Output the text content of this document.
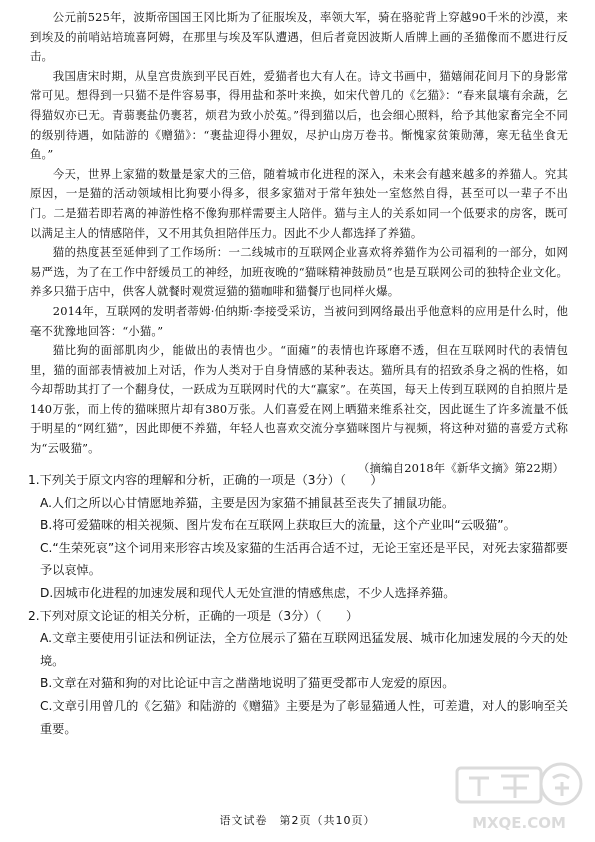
公元前525年，波斯帝国国王冈比斯为了征服埃及，率领大军，骑在骆驼背上穿越90千米的沙漠，来到埃及的前哨站培琉喜阿姆，在那里与埃及军队遭遇，但后者竟因波斯人盾牌上画的圣猫像而不愿进行反击。

我国唐宋时期，从皇宫贵族到平民百姓，爱猫者也大有人在。诗文书画中，猫嬉闹花间月下的身影常常可见。想得到一只猫不是件容易事，得用盐和茶叶来换，如宋代曾几的《乞猫》：“春来鼠壤有余蔬，乞得猫奴亦已无。青蒻裹盐仍裹茗，烦君为致小於菟。”得到猫以后，也会细心照料，给予其他家畜完全不同的级别待遇，如陆游的《赠猫》：“裹盐迎得小狸奴，尽护山房万卷书。惭愧家贫策勋薄，寒无毡坐食无鱼。”

今天，世界上家猫的数量是家犬的三倍，随着城市化进程的深入，未来会有越来越多的养猫人。究其原因，一是猫的活动领域相比狗要小得多，很多家猫对于常年独处一室悠然自得，甚至可以一辈子不出门。二是猫若即若离的神游性格不像狗那样需要主人陪伴。猫与主人的关系如同一个低要求的房客，既可以满足主人的情感陪伴，又不用其负担陪伴压力。因此不少人都选择了养猫。

猫的热度甚至延伸到了工作场所：一二线城市的互联网企业喜欢将养猫作为公司福利的一部分，如网易严选，为了在工作中舒缓员工的神经，加班夜晚的“猫咪精神鼓励员”也是互联网公司的独特企业文化。养多只猫于店中，供客人就餐时观赏逗猫的猫咖啡和猫餐厅也同样火爆。

2014年，互联网的发明者蒂姆·伯纳斯·李接受采访，当被问到网络最出乎他意料的应用是什么时，他毫不犹豫地回答：“小猫。”

猫比狗的面部肌肉少，能做出的表情也少。“面瘫”的表情也许琢磨不透，但在互联网时代的表情包里，猫的面部表情被加上对话，作为人类对于自身情感的某种表达。猫所具有的招致杀身之祸的性格，如今却帮助其打了一个翻身仗，一跃成为互联网时代的大“赢家”。在英国，每天上传到互联网的自拍照片是140万张，而上传的猫咪照片却有380万张。人们喜爱在网上晒猫来维系社交，因此诞生了许多流量不低于明星的“网红猫”，因此即便不养猫，年轻人也喜欢交流分享猫咪图片与视频，将这种对猫的喜爱方式称为“云吸猫”。

（摘编自2018年《新华文摘》第22期）
1.下列关于原文内容的理解和分析，正确的一项是（3分）（　　）
A.人们之所以心甘情愿地养猫，主要是因为家猫不捕鼠甚至丧失了捕鼠功能。
B.将可爱猫咪的相关视频、图片发布在互联网上获取巨大的流量，这个产业叫“云吸猫”。
C.“生荣死哀”这个词用来形容古埃及家猫的生活再合适不过，无论王室还是平民，对死去家猫都要予以哀悼。
D.因城市化进程的加速发展和现代人无处宣泄的情感焦虑，不少人选择养猫。
2.下列对原文论证的相关分析，正确的一项是（3分）（　　）
A.文章主要使用引证法和例证法，全方位展示了猫在互联网迅猛发展、城市化加速发展的今天的处境。
B.文章在对猫和狗的对比论证中言之凿凿地说明了猫更受都市人宠爱的原因。
C.文章引用曾几的《乞猫》和陆游的《赠猫》主要是为了彰显猫通人性，可差遣，对人的影响至关重要。
语文试卷　第2页（共10页）	MXQE.COM
